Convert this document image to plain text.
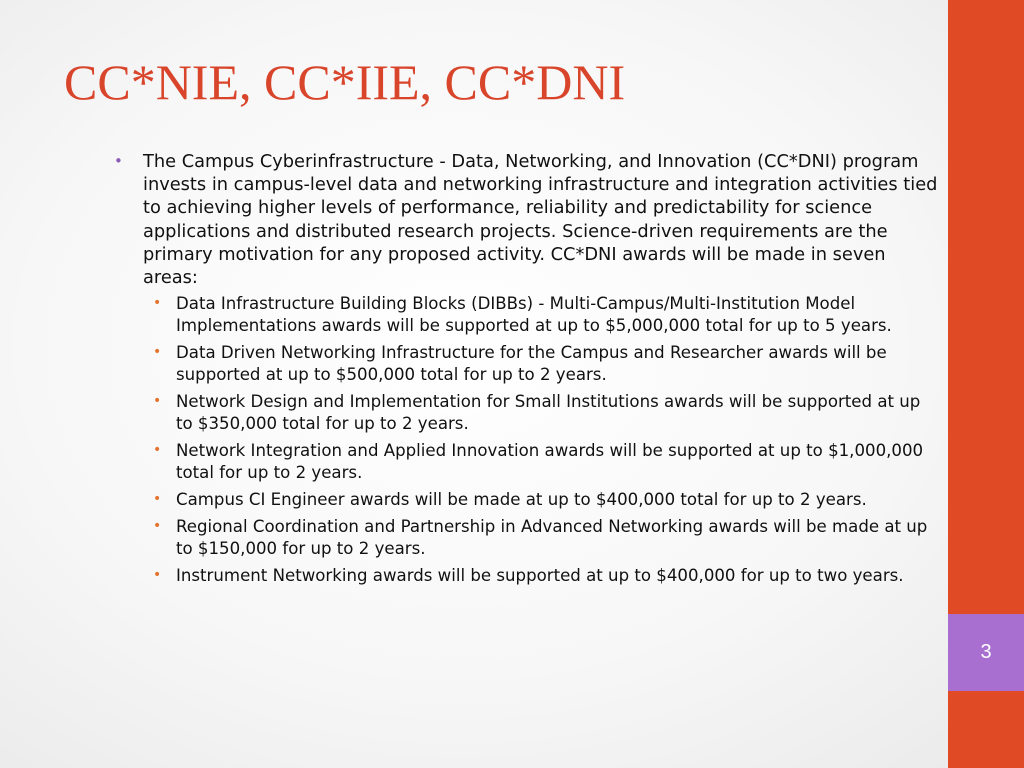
3
CC*NIE, CC*IIE, CC*DNI
• The Campus Cyberinfrastructure - Data, Networking, and Innovation (CC*DNI) program invests in campus-level data and networking infrastructure and integration activities tied to achieving higher levels of performance, reliability and predictability for science applications and distributed research projects. Science-driven requirements are the primary motivation for any proposed activity. CC*DNI awards will be made in seven areas:
• Data Infrastructure Building Blocks (DIBBs) - Multi-Campus/Multi-Institution Model Implementations awards will be supported at up to $5,000,000 total for up to 5 years.
• Data Driven Networking Infrastructure for the Campus and Researcher awards will be supported at up to $500,000 total for up to 2 years.
• Network Design and Implementation for Small Institutions awards will be supported at up to $350,000 total for up to 2 years.
• Network Integration and Applied Innovation awards will be supported at up to $1,000,000 total for up to 2 years.
• Campus CI Engineer awards will be made at up to $400,000 total for up to 2 years.
• Regional Coordination and Partnership in Advanced Networking awards will be made at up to $150,000 for up to 2 years.
• Instrument Networking awards will be supported at up to $400,000 for up to two years.
